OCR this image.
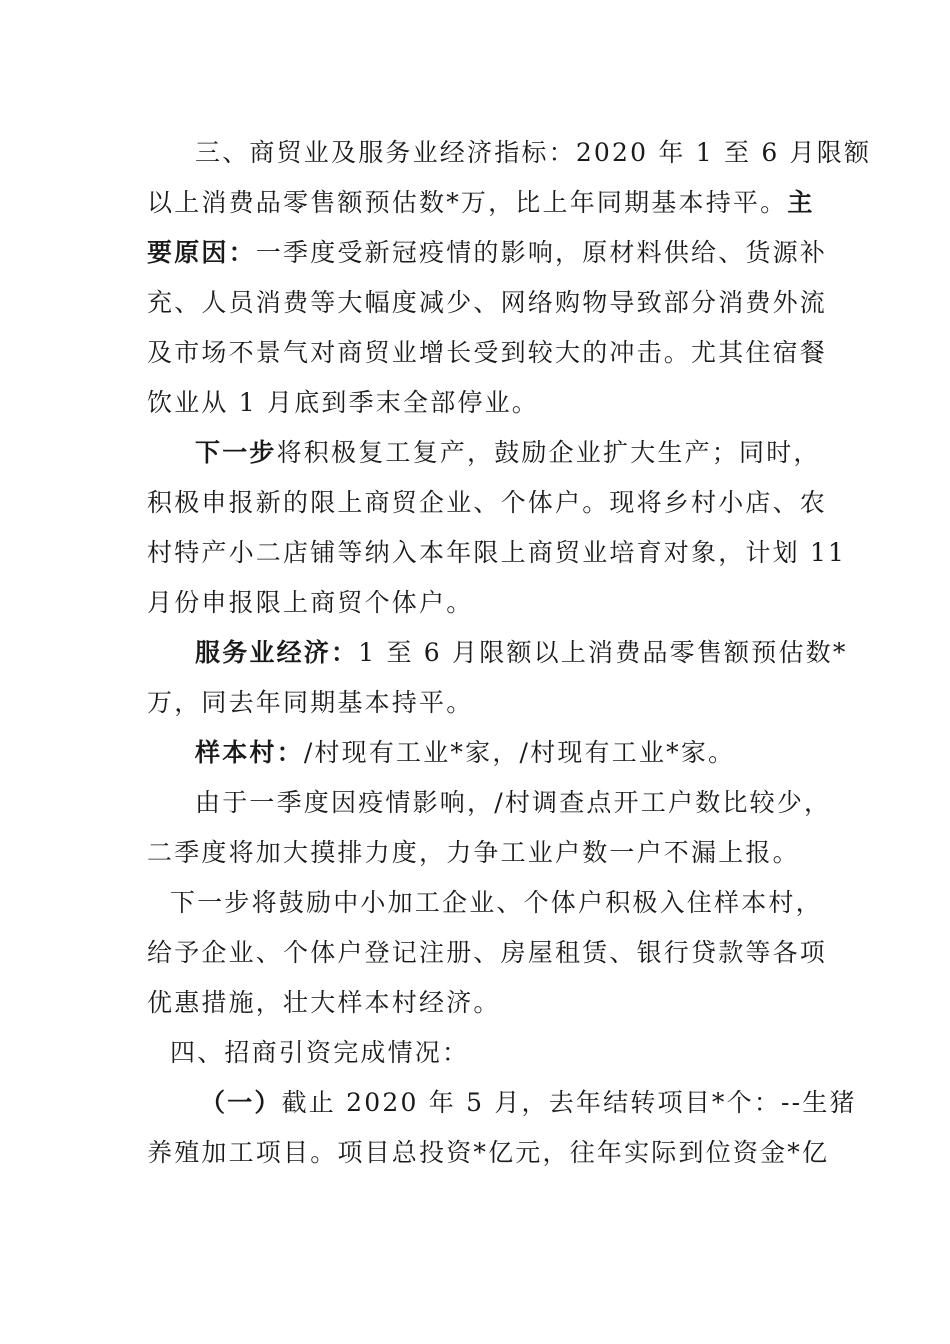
三、商贸业及服务业经济指标：2020 年 1 至 6 月限额
以上消费品零售额预估数*万，比上年同期基本持平。主
要原因：一季度受新冠疫情的影响，原材料供给、货源补
充、人员消费等大幅度减少、网络购物导致部分消费外流
及市场不景气对商贸业增长受到较大的冲击。尤其住宿餐
饮业从 1 月底到季末全部停业。
下一步将积极复工复产，鼓励企业扩大生产；同时，
积极申报新的限上商贸企业、个体户。现将乡村小店、农
村特产小二店铺等纳入本年限上商贸业培育对象，计划 11
月份申报限上商贸个体户。
服务业经济：1 至 6 月限额以上消费品零售额预估数*
万，同去年同期基本持平。
样本村：/村现有工业*家，/村现有工业*家。
由于一季度因疫情影响，/村调查点开工户数比较少，
二季度将加大摸排力度，力争工业户数一户不漏上报。
下一步将鼓励中小加工企业、个体户积极入住样本村，
给予企业、个体户登记注册、房屋租赁、银行贷款等各项
优惠措施，壮大样本村经济。
四、招商引资完成情况：
（一）截止 2020 年 5 月，去年结转项目*个：--生猪
养殖加工项目。项目总投资*亿元，往年实际到位资金*亿
